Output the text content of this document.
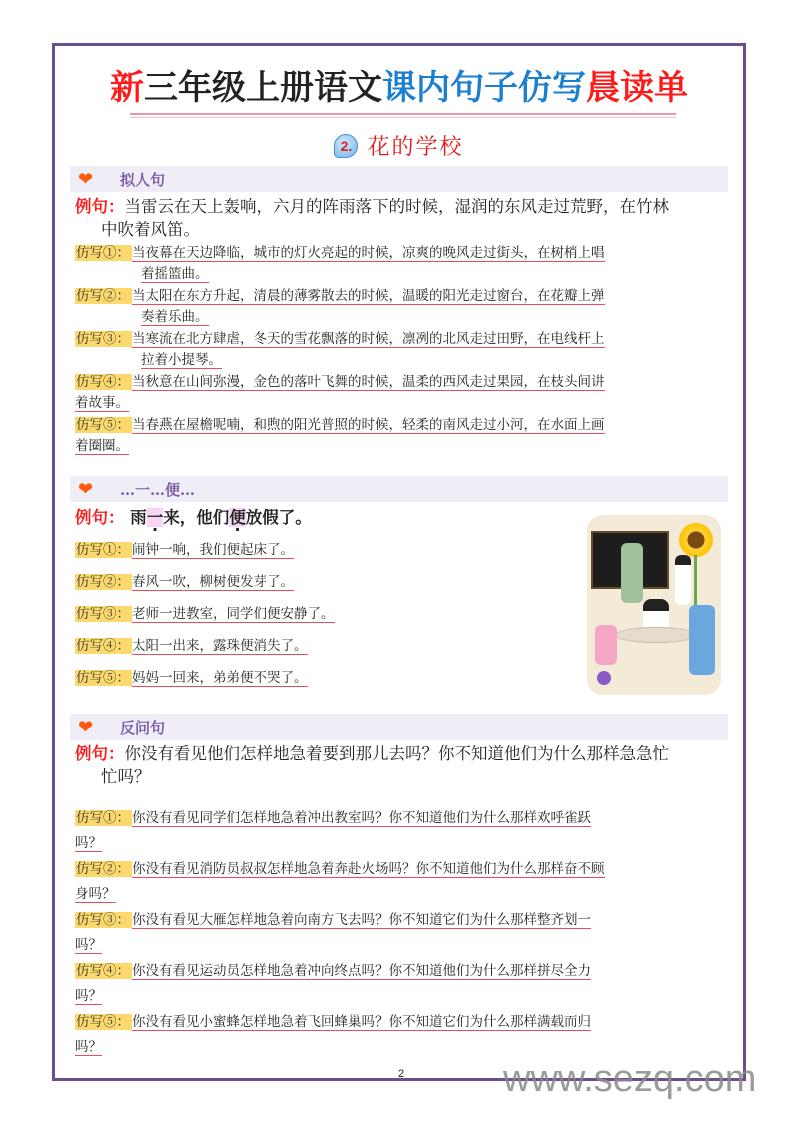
新三年级上册语文课内句子仿写晨读单
2. 花的学校
❤	拟人句
例句：当雷云在天上轰响，六月的阵雨落下的时候，湿润的东风走过荒野，在竹林
中吹着风笛。
仿写①： 当夜幕在天边降临，城市的灯火亮起的时候，凉爽的晚风走过街头，在树梢上唱
着摇篮曲。
仿写②： 当太阳在东方升起，清晨的薄雾散去的时候，温暖的阳光走过窗台，在花瓣上弹
奏着乐曲。
仿写③： 当寒流在北方肆虐，冬天的雪花飘落的时候，凛冽的北风走过田野，在电线杆上
拉着小提琴。
仿写④： 当秋意在山间弥漫，金色的落叶飞舞的时候，温柔的西风走过果园，在枝头间讲
着故事。
仿写⑤： 当春燕在屋檐呢喃，和煦的阳光普照的时候，轻柔的南风走过小河，在水面上画
着圈圈。
❤	…一…便…
例句： 雨一来，他们便放假了。
仿写①： 闹钟一响，我们便起床了。
仿写②： 春风一吹，柳树便发芽了。
仿写③： 老师一进教室，同学们便安静了。
仿写④： 太阳一出来，露珠便消失了。
仿写⑤： 妈妈一回来，弟弟便不哭了。
❤	反问句
例句：你没有看见他们怎样地急着要到那儿去吗？你不知道他们为什么那样急急忙
忙吗？
仿写①： 你没有看见同学们怎样地急着冲出教室吗？你不知道他们为什么那样欢呼雀跃
吗？
仿写②： 你没有看见消防员叔叔怎样地急着奔赴火场吗？你不知道他们为什么那样奋不顾
身吗？
仿写③： 你没有看见大雁怎样地急着向南方飞去吗？你不知道它们为什么那样整齐划一
吗？
仿写④： 你没有看见运动员怎样地急着冲向终点吗？你不知道他们为什么那样拼尽全力
吗？
仿写⑤： 你没有看见小蜜蜂怎样地急着飞回蜂巢吗？你不知道它们为什么那样满载而归
吗？
2	www.sezq.com
